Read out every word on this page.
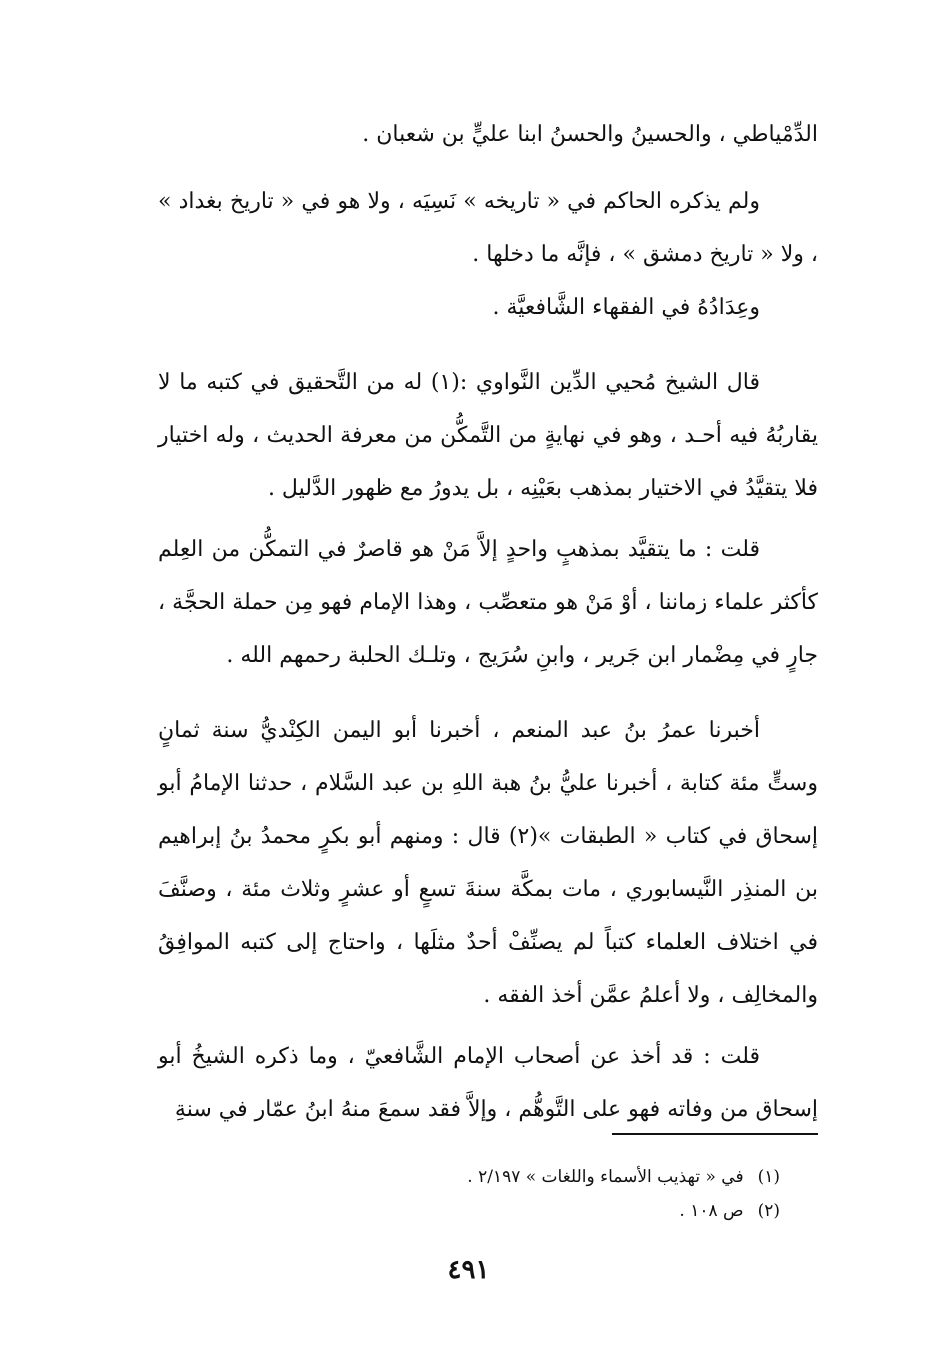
الدِّمْياطي ، والحسينُ والحسنُ ابنا عليٍّ بن شعبان .

ولم يذكره الحاكم في « تاريخه » نَسِيَه ، ولا هو في « تاريخ بغداد » ، ولا « تاريخ دمشق » ، فإنَّه ما دخلها .

وعِدَادُهُ في الفقهاء الشَّافعيَّة .

قال الشيخ مُحيي الدِّين النَّواوي :(١) له من التَّحقيق في كتبه ما لا يقاربُهُ فيه أحـد ، وهو في نهايةٍ من التَّمكُّن من معرفة الحديث ، وله اختيار فلا يتقيَّدُ في الاختيار بمذهب بعَيْنِه ، بل يدورُ مع ظهور الدَّليل .

قلت : ما يتقيَّد بمذهبٍ واحدٍ إلاَّ مَنْ هو قاصرٌ في التمكُّن من العِلم كأكثر علماء زماننا ، أوْ مَنْ هو متعصِّب ، وهذا الإمام فهو مِن حملة الحجَّة ، جارٍ في مِضْمار ابن جَرير ، وابنِ سُرَيج ، وتلـك الحلبة رحمهم الله .

أخبرنا عمرُ بنُ عبد المنعم ، أخبرنا أبو اليمن الكِنْديُّ سنة ثمانٍ وستٍّ مئة كتابة ، أخبرنا عليُّ بنُ هبة اللهِ بن عبد السَّلام ، حدثنا الإمامُ أبو إسحاق في كتاب « الطبقات »(٢) قال : ومنهم أبو بكرٍ محمدُ بنُ إبراهيم بن المنذِر النَّيسابوري ، مات بمكَّة سنةَ تسعٍ أو عشرٍ وثلاث مئة ، وصنَّفَ في اختلاف العلماء كتباً لم يصنِّفْ أحدٌ مثلَها ، واحتاج إلى كتبه الموافِقُ والمخالِف ، ولا أعلمُ عمَّن أخذ الفقه .

قلت : قد أخذ عن أصحاب الإمام الشَّافعيّ ، وما ذكره الشيخُ أبو إسحاق من وفاته فهو على التَّوهُّم ، وإلاَّ فقد سمعَ منهُ ابنُ عمّار في سنةِ

(١)في « تهذيب الأسماء واللغات » ٢/١٩٧ .

(٢)ص ١٠٨ .

٤٩١
